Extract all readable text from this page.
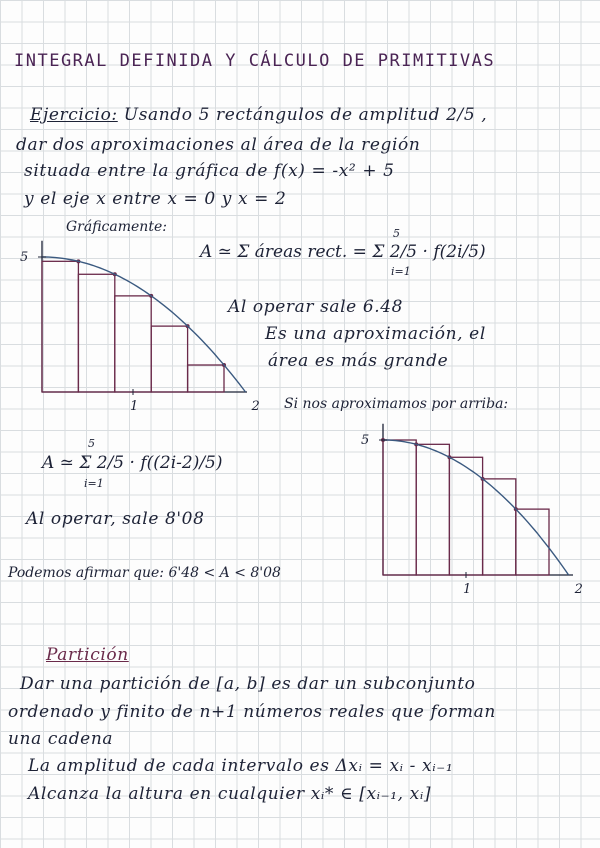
INTEGRAL DEFINIDA Y CÁLCULO DE PRIMITIVAS
Ejercicio: Usando 5 rectángulos de amplitud 2/5 ,
dar dos aproximaciones al área de la región
situada entre la gráfica de f(x) = -x² + 5
y el eje x entre x = 0 y x = 2
Gráficamente:
5
1	2
A ≃ Σ áreas rect. = Σ 2/5 · f(2i/5)
5
i=1
Al operar sale 6.48
Es una aproximación, el
área es más grande
Si nos aproximamos por arriba:
A ≃ Σ 2/5 · f((2i-2)/5)
5
i=1
Al operar, sale 8'08
Podemos afirmar que: 6'48 < A < 8'08
5
1	2
Partición
Dar una partición de [a, b] es dar un subconjunto
ordenado y finito de n+1 números reales que forman
una cadena
La amplitud de cada intervalo es Δxᵢ = xᵢ - xᵢ₋₁
Alcanza la altura en cualquier xᵢ* ∈ [xᵢ₋₁, xᵢ]
